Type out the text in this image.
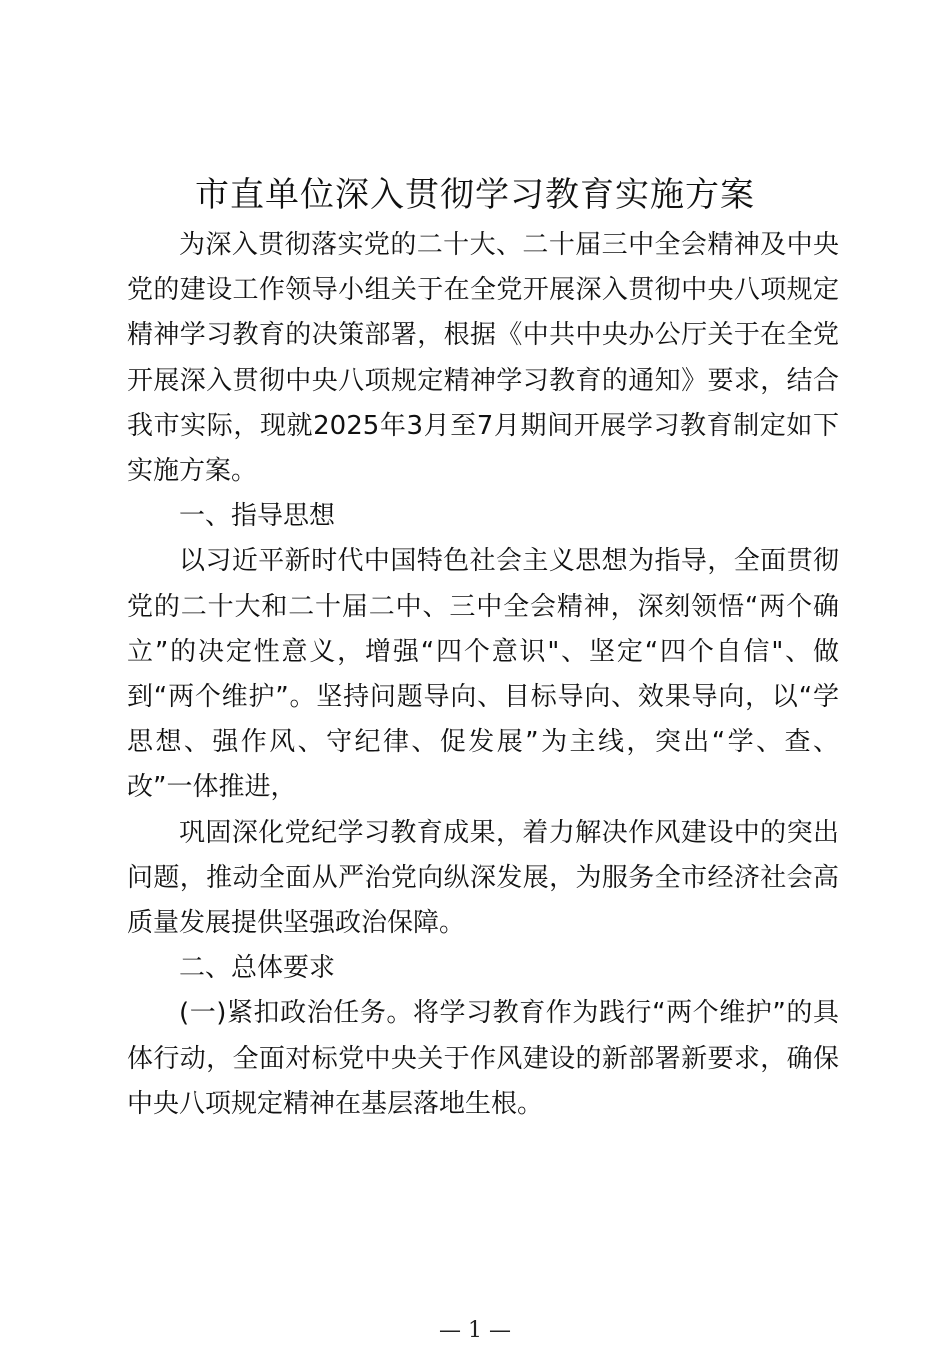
市直单位深入贯彻学习教育实施方案

为深入贯彻落实党的二十大、二十届三中全会精神及中央党的建设工作领导小组关于在全党开展深入贯彻中央八项规定精神学习教育的决策部署，根据《中共中央办公厅关于在全党开展深入贯彻中央八项规定精神学习教育的通知》要求，结合我市实际，现就2025年3月至7月期间开展学习教育制定如下实施方案。

一、指导思想

以习近平新时代中国特色社会主义思想为指导，全面贯彻党的二十大和二十届二中、三中全会精神，深刻领悟“两个确立”的决定性意义，增强“四个意识"、坚定“四个自信"、做到“两个维护”。坚持问题导向、目标导向、效果导向，以“学思想、强作风、守纪律、促发展”为主线，突出“学、查、改”一体推进，

巩固深化党纪学习教育成果，着力解决作风建设中的突出问题，推动全面从严治党向纵深发展，为服务全市经济社会高质量发展提供坚强政治保障。

二、总体要求

(一)紧扣政治任务。将学习教育作为践行“两个维护”的具体行动，全面对标党中央关于作风建设的新部署新要求，确保中央八项规定精神在基层落地生根。

— 1 —
